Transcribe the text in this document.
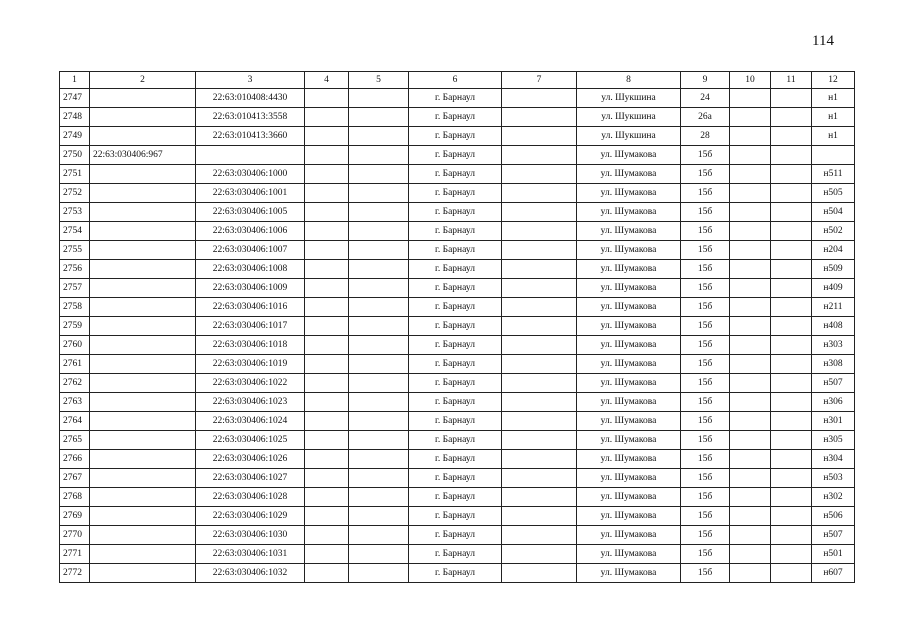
114
1	2	3	4	5	6	7	8	9	10	11	12
2747		22:63:010408:4430			г. Барнаул		ул. Шукшина	24			н1
2748		22:63:010413:3558			г. Барнаул		ул. Шукшина	26а			н1
2749		22:63:010413:3660			г. Барнаул		ул. Шукшина	28			н1
2750	22:63:030406:967				г. Барнаул		ул. Шумакова	15б			
2751		22:63:030406:1000			г. Барнаул		ул. Шумакова	15б			н511
2752		22:63:030406:1001			г. Барнаул		ул. Шумакова	15б			н505
2753		22:63:030406:1005			г. Барнаул		ул. Шумакова	15б			н504
2754		22:63:030406:1006			г. Барнаул		ул. Шумакова	15б			н502
2755		22:63:030406:1007			г. Барнаул		ул. Шумакова	15б			н204
2756		22:63:030406:1008			г. Барнаул		ул. Шумакова	15б			н509
2757		22:63:030406:1009			г. Барнаул		ул. Шумакова	15б			н409
2758		22:63:030406:1016			г. Барнаул		ул. Шумакова	15б			н211
2759		22:63:030406:1017			г. Барнаул		ул. Шумакова	15б			н408
2760		22:63:030406:1018			г. Барнаул		ул. Шумакова	15б			н303
2761		22:63:030406:1019			г. Барнаул		ул. Шумакова	15б			н308
2762		22:63:030406:1022			г. Барнаул		ул. Шумакова	15б			н507
2763		22:63:030406:1023			г. Барнаул		ул. Шумакова	15б			н306
2764		22:63:030406:1024			г. Барнаул		ул. Шумакова	15б			н301
2765		22:63:030406:1025			г. Барнаул		ул. Шумакова	15б			н305
2766		22:63:030406:1026			г. Барнаул		ул. Шумакова	15б			н304
2767		22:63:030406:1027			г. Барнаул		ул. Шумакова	15б			н503
2768		22:63:030406:1028			г. Барнаул		ул. Шумакова	15б			н302
2769		22:63:030406:1029			г. Барнаул		ул. Шумакова	15б			н506
2770		22:63:030406:1030			г. Барнаул		ул. Шумакова	15б			н507
2771		22:63:030406:1031			г. Барнаул		ул. Шумакова	15б			н501
2772		22:63:030406:1032			г. Барнаул		ул. Шумакова	15б			н607
